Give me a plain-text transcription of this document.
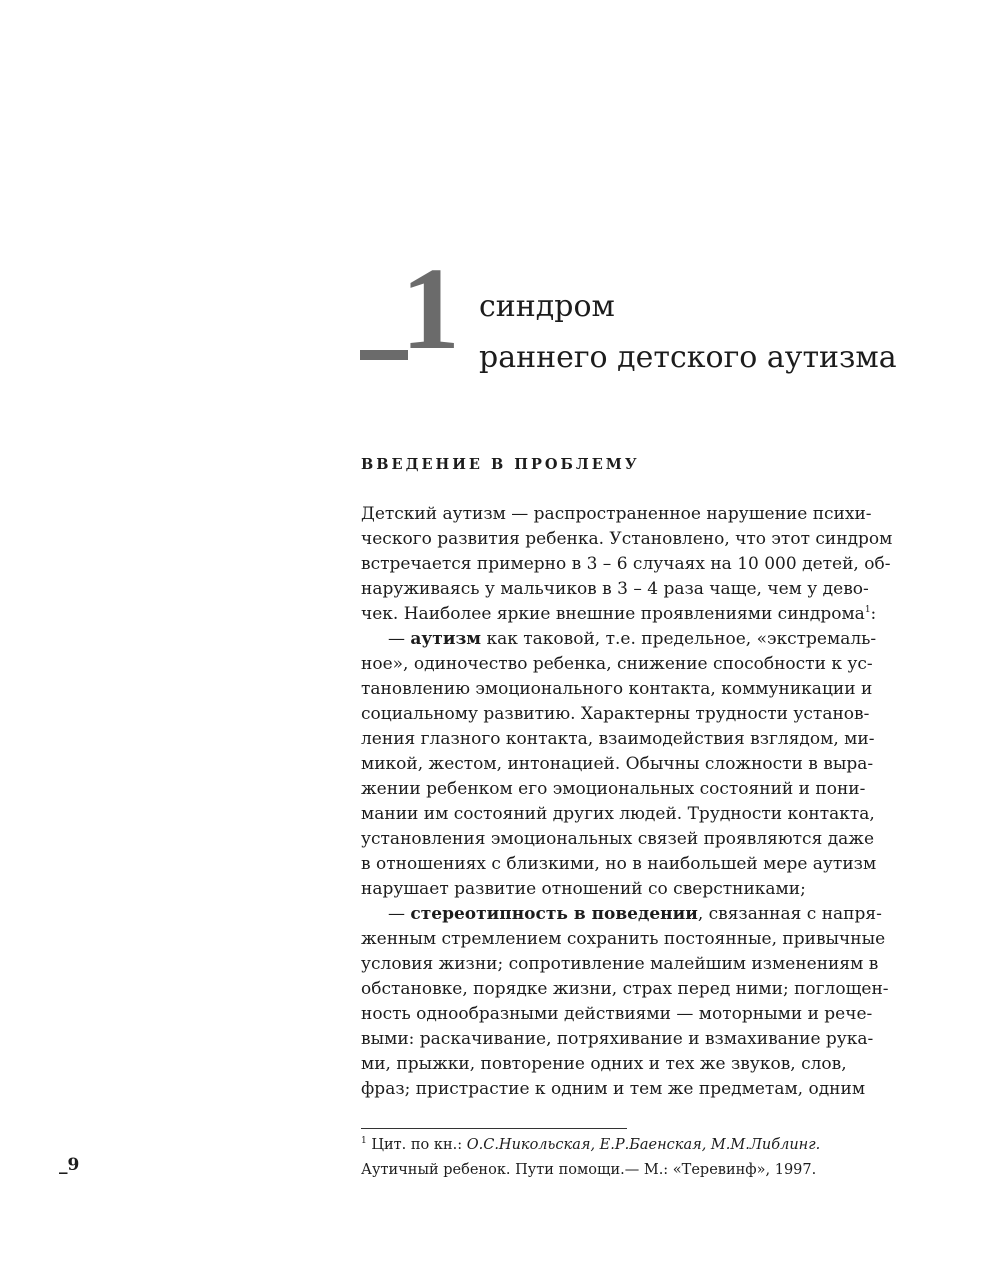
1 синдром
раннего детского аутизма
ВВЕДЕНИЕ В ПРОБЛЕМУ
Детский аутизм — распространенное нарушение психи-
ческого развития ребенка. Установлено, что этот синдром
встречается примерно в 3 – 6 случаях на 10 000 детей, об-
наруживаясь у мальчиков в 3 – 4 раза чаще, чем у дево-
чек. Наиболее яркие внешние проявлениями синдрома$^1$:
— аутизм как таковой, т.е. предельное, «экстремаль-
ное», одиночество ребенка, снижение способности к ус-
тановлению эмоционального контакта, коммуникации и
социальному развитию. Характерны трудности установ-
ления глазного контакта, взаимодействия взглядом, ми-
микой, жестом, интонацией. Обычны сложности в выра-
жении ребенком его эмоциональных состояний и пони-
мании им состояний других людей. Трудности контакта,
установления эмоциональных связей проявляются даже
в отношениях с близкими, но в наибольшей мере аутизм
нарушает развитие отношений со сверстниками;
— стереотипность в поведении, связанная с напря-
женным стремлением сохранить постоянные, привычные
условия жизни; сопротивление малейшим изменениям в
обстановке, порядке жизни, страх перед ними; поглощен-
ность однообразными действиями — моторными и рече-
выми: раскачивание, потряхивание и взмахивание рука-
ми, прыжки, повторение одних и тех же звуков, слов,
фраз; пристрастие к одним и тем же предметам, одним
$^1$ Цит. по кн.: О.С.Никольская, Е.Р.Баенская, М.М.Либлинг.
Аутичный ребенок. Пути помощи.— М.: «Теревинф», 1997.
_9
